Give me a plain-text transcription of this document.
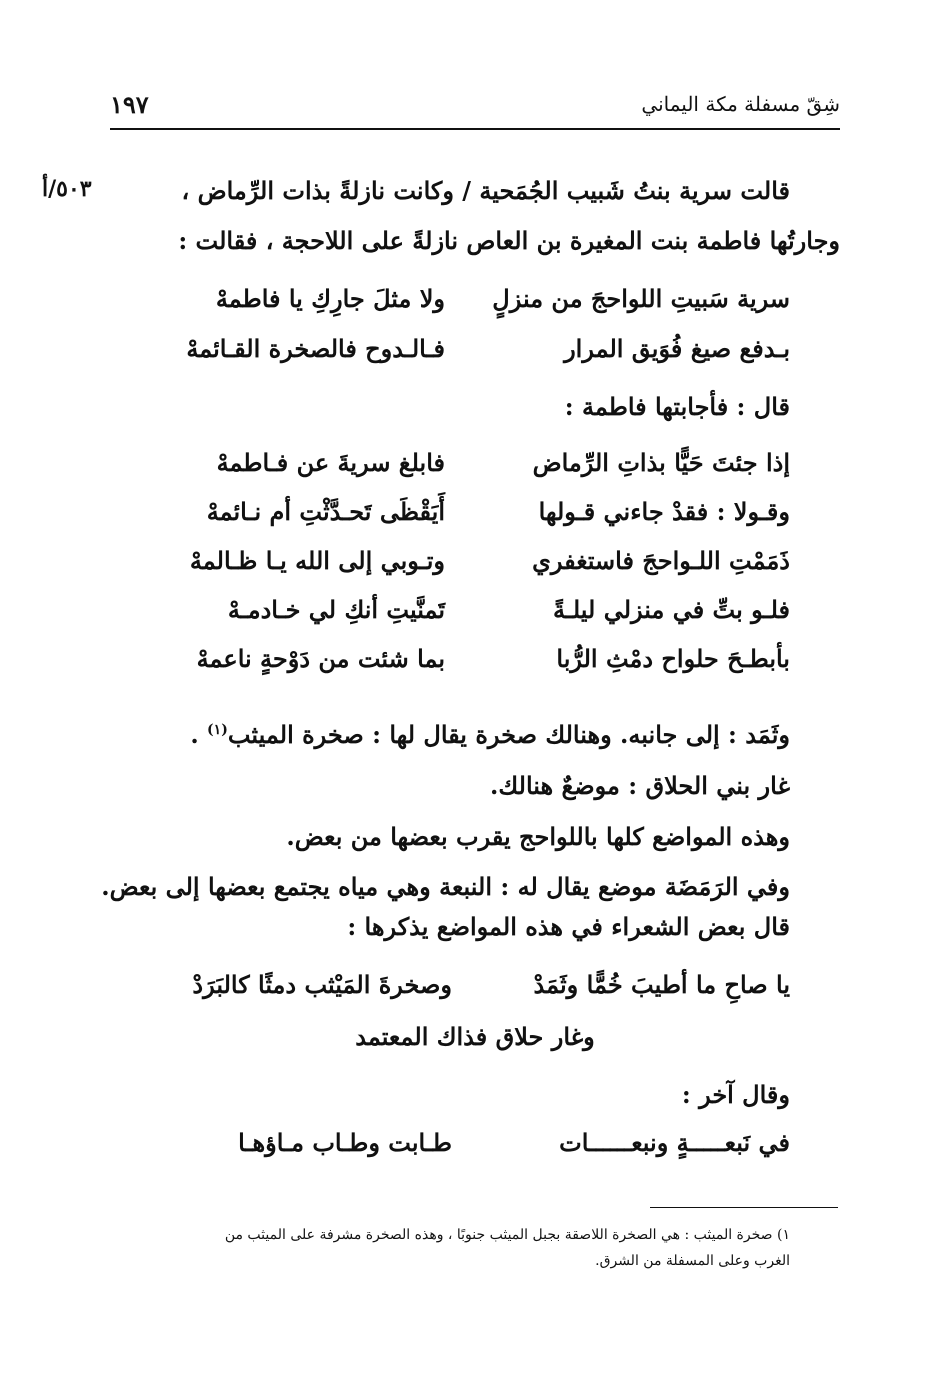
شِقّ مسفلة مكة اليماني
١٩٧
٥٠٣/أ	قالت سرية بنتُ شَبيب الجُمَحية / وكانت نازلةً بذات الرِّماض ،
وجارتُها فاطمة بنت المغيرة بن العاص نازلةً على اللاحجة ، فقالت :
سرية سَبيتِ اللواحجَ من منزلٍ
ولا مثلَ جارِكِ يا فاطمهْ
بـدفع صيغ فُوَيق المرار
فـالـدوح فالصخرة القـائمهْ
قال : فأجابتها فاطمة :
إذا جئتَ حَيًّا بذاتِ الرِّماض
فابلغ سريةَ عن فـاطمهْ
وقـولا : فقدْ جاءني قـولها
أَيَقْظَى تَحـدَّثْتِ أم نـائمهْ
ذَمَمْتِ اللـواحجَ فاستغفري
وتـوبي إلى الله يـا ظـالمهْ
فلـو بتِّ في منزلي ليلـةً
تَمنَّيتِ أنكِ لي خـادمـهْ
بأبطـحَ حلواح دمْثِ الرُّبا
بما شئت من دَوْحةٍ ناعمهْ
وثَمَد : إلى جانبه. وهنالك صخرة يقال لها : صخرة الميثب$^{(١)}$ .
غار بني الحلاق : موضعٌ هنالك.
وهذه المواضع كلها باللواحج يقرب بعضها من بعض.
وفي الرَمَضَة موضع يقال له : النبعة وهي مياه يجتمع بعضها إلى بعض.
قال بعض الشعراء في هذه المواضع يذكرها :
يا صاحِ ما أطيبَ خُمًّا وثَمَدْ
وصخرةَ المَيْثب دمثًا كالبَرَدْ
وغار حلاق فذاك المعتمد
وقال آخر :
في نَبعـــــةٍ ونبعــــــات
طـابت وطـاب مـاؤهـا
١) صخرة الميثب : هي الصخرة اللاصقة بجبل الميثب جنوبًا ، وهذه الصخرة مشرفة على الميثب من
الغرب وعلى المسفلة من الشرق.
